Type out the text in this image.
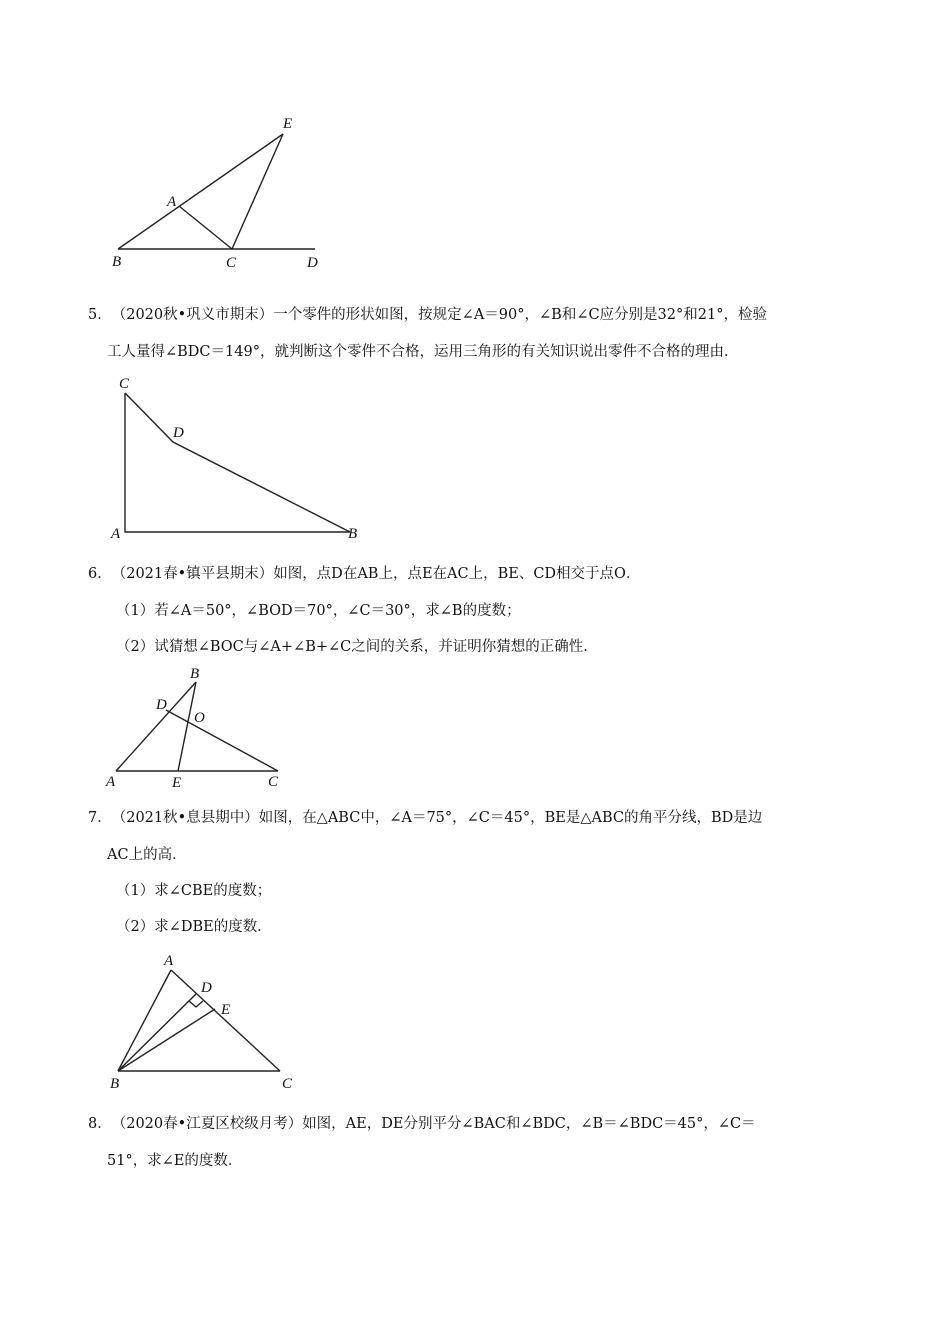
E
A
B	C	D
5．（2020秋•巩义市期末）一个零件的形状如图，按规定∠A＝90°，∠B和∠C应分别是32°和21°，检验
工人量得∠BDC＝149°，就判断这个零件不合格，运用三角形的有关知识说出零件不合格的理由．
C
D
A	B
6．（2021春•镇平县期末）如图，点D在AB上，点E在AC上，BE、CD相交于点O．
（1）若∠A＝50°，∠BOD＝70°，∠C＝30°，求∠B的度数；
（2）试猜想∠BOC与∠A+∠B+∠C之间的关系，并证明你猜想的正确性．
B
D
O
A	E	C
7．（2021秋•息县期中）如图，在△ABC中，∠A＝75°，∠C＝45°，BE是△ABC的角平分线，BD是边
AC上的高．
（1）求∠CBE的度数；
（2）求∠DBE的度数．
A
D
E
B	C
8．（2020春•江夏区校级月考）如图，AE，DE分别平分∠BAC和∠BDC，∠B＝∠BDC＝45°，∠C＝
51°，求∠E的度数．
